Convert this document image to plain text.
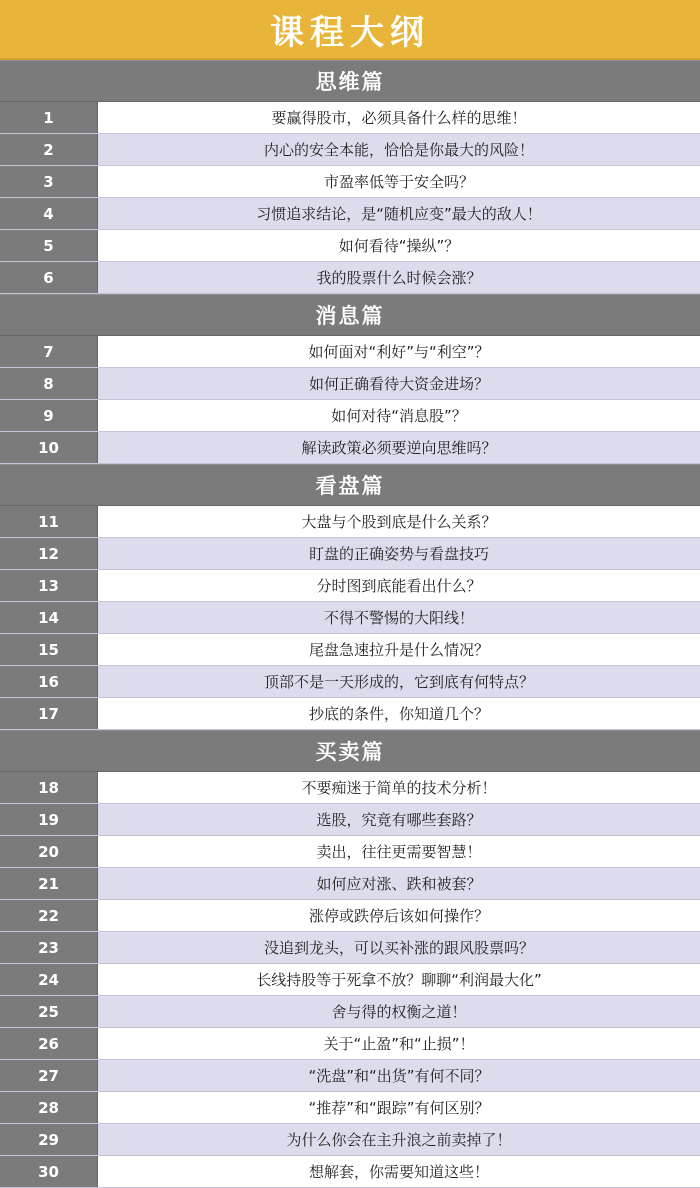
课程大纲
思维篇
1	要赢得股市，必须具备什么样的思维！
2	内心的安全本能，恰恰是你最大的风险！
3	市盈率低等于安全吗？
4	习惯追求结论，是“随机应变”最大的敌人！
5	如何看待“操纵”？
6	我的股票什么时候会涨？
消息篇
7	如何面对“利好”与“利空”？
8	如何正确看待大资金进场？
9	如何对待“消息股”？
10	解读政策必须要逆向思维吗？
看盘篇
11	大盘与个股到底是什么关系？
12	盯盘的正确姿势与看盘技巧
13	分时图到底能看出什么？
14	不得不警惕的大阳线！
15	尾盘急速拉升是什么情况？
16	顶部不是一天形成的，它到底有何特点？
17	抄底的条件，你知道几个？
买卖篇
18	不要痴迷于简单的技术分析！
19	选股，究竟有哪些套路？
20	卖出，往往更需要智慧！
21	如何应对涨、跌和被套？
22	涨停或跌停后该如何操作？
23	没追到龙头，可以买补涨的跟风股票吗？
24	长线持股等于死拿不放？聊聊“利润最大化”
25	舍与得的权衡之道！
26	关于“止盈”和“止损”！
27	“洗盘”和“出货”有何不同？
28	“推荐”和“跟踪”有何区别？
29	为什么你会在主升浪之前卖掉了！
30	想解套，你需要知道这些！
